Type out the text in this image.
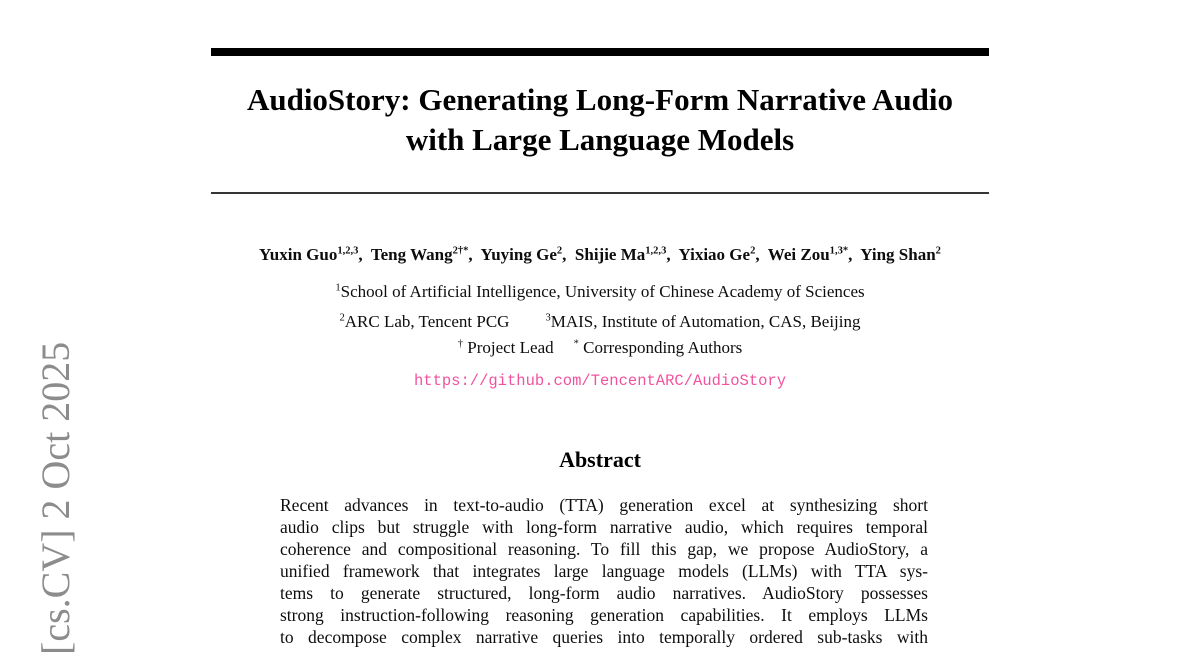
[cs.CV] 2 Oct 2025
AudioStory: Generating Long-Form Narrative Audio
with Large Language Models
Yuxin Guo$^{1,2,3}$,  Teng Wang$^{2\dagger*}$,  Yuying Ge$^2$,  Shijie Ma$^{1,2,3}$,  Yixiao Ge$^2$,  Wei Zou$^{1,3*}$,  Ying Shan$^2$
$^1$School of Artificial Intelligence, University of Chinese Academy of Sciences
$^2$ARC Lab, Tencent PCG	$^3$MAIS, Institute of Automation, CAS, Beijing
† Project Lead * Corresponding Authors
https://github.com/TencentARC/AudioStory
Abstract
Recent advances in text-to-audio (TTA) generation excel at synthesizing short
audio clips but struggle with long-form narrative audio, which requires temporal
coherence and compositional reasoning. To fill this gap, we propose AudioStory, a
unified framework that integrates large language models (LLMs) with TTA sys-
tems to generate structured, long-form audio narratives. AudioStory possesses
strong instruction-following reasoning generation capabilities. It employs LLMs
to decompose complex narrative queries into temporally ordered sub-tasks with
